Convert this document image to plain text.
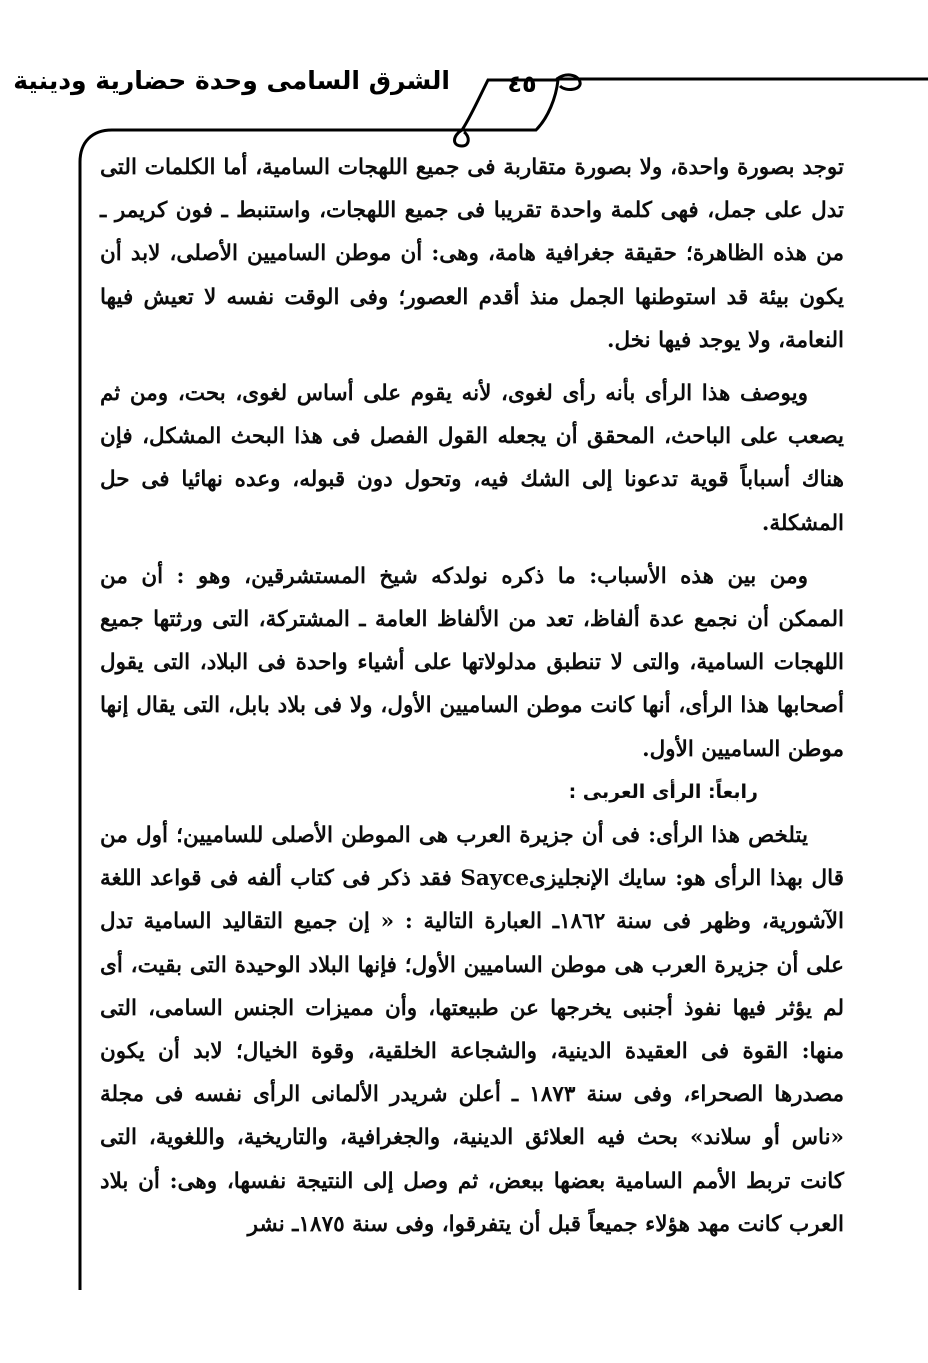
الشرق السامى وحدة حضارية ودينية	٤٥

توجد بصورة واحدة، ولا بصورة متقاربة فى جميع اللهجات السامية، أما الكلمات التى تدل على جمل، فهى كلمة واحدة تقريبا فى جميع اللهجات، واستنبط ـ فون كريمر ـ من هذه الظاهرة؛ حقيقة جغرافية هامة، وهى: أن موطن الساميين الأصلى، لابد أن يكون بيئة قد استوطنها الجمل منذ أقدم العصور؛ وفى الوقت نفسه لا تعيش فيها النعامة، ولا يوجد فيها نخل.

ويوصف هذا الرأى بأنه رأى لغوى، لأنه يقوم على أساس لغوى، بحت، ومن ثم يصعب على الباحث، المحقق أن يجعله القول الفصل فى هذا البحث المشكل، فإن هناك أسباباً قوية تدعونا إلى الشك فيه، وتحول دون قبوله، وعده نهائيا فى حل المشكلة.

ومن بين هذه الأسباب: ما ذكره نولدكه شيخ المستشرقين، وهو : أن من الممكن أن نجمع عدة ألفاظ، تعد من الألفاظ العامة ـ المشتركة، التى ورثتها جميع اللهجات السامية، والتى لا تنطبق مدلولاتها على أشياء واحدة فى البلاد، التى يقول أصحابها هذا الرأى، أنها كانت موطن الساميين الأول، ولا فى بلاد بابل، التى يقال إنها موطن الساميين الأول.

رابعاً: الرأى العربى :

يتلخص هذا الرأى: فى أن جزيرة العرب هى الموطن الأصلى للساميين؛ أول من قال بهذا الرأى هو: سايك الإنجليزىSayce فقد ذكر فى كتاب ألفه فى قواعد اللغة الآشورية، وظهر فى سنة ١٨٦٢ـ العبارة التالية : « إن جميع التقاليد السامية تدل على أن جزيرة العرب هى موطن الساميين الأول؛ فإنها البلاد الوحيدة التى بقيت، أى لم يؤثر فيها نفوذ أجنبى يخرجها عن طبيعتها، وأن مميزات الجنس السامى، التى منها: القوة فى العقيدة الدينية، والشجاعة الخلقية، وقوة الخيال؛ لابد أن يكون مصدرها الصحراء، وفى سنة ١٨٧٣ ـ أعلن شريدر الألمانى الرأى نفسه فى مجلة «ناس أو سلاند» بحث فيه العلائق الدينية، والجغرافية، والتاريخية، واللغوية، التى كانت تربط الأمم السامية بعضها ببعض، ثم وصل إلى النتيجة نفسها، وهى: أن بلاد العرب كانت مهد هؤلاء جميعاً قبل أن يتفرقوا، وفى سنة ١٨٧٥ـ نشر
